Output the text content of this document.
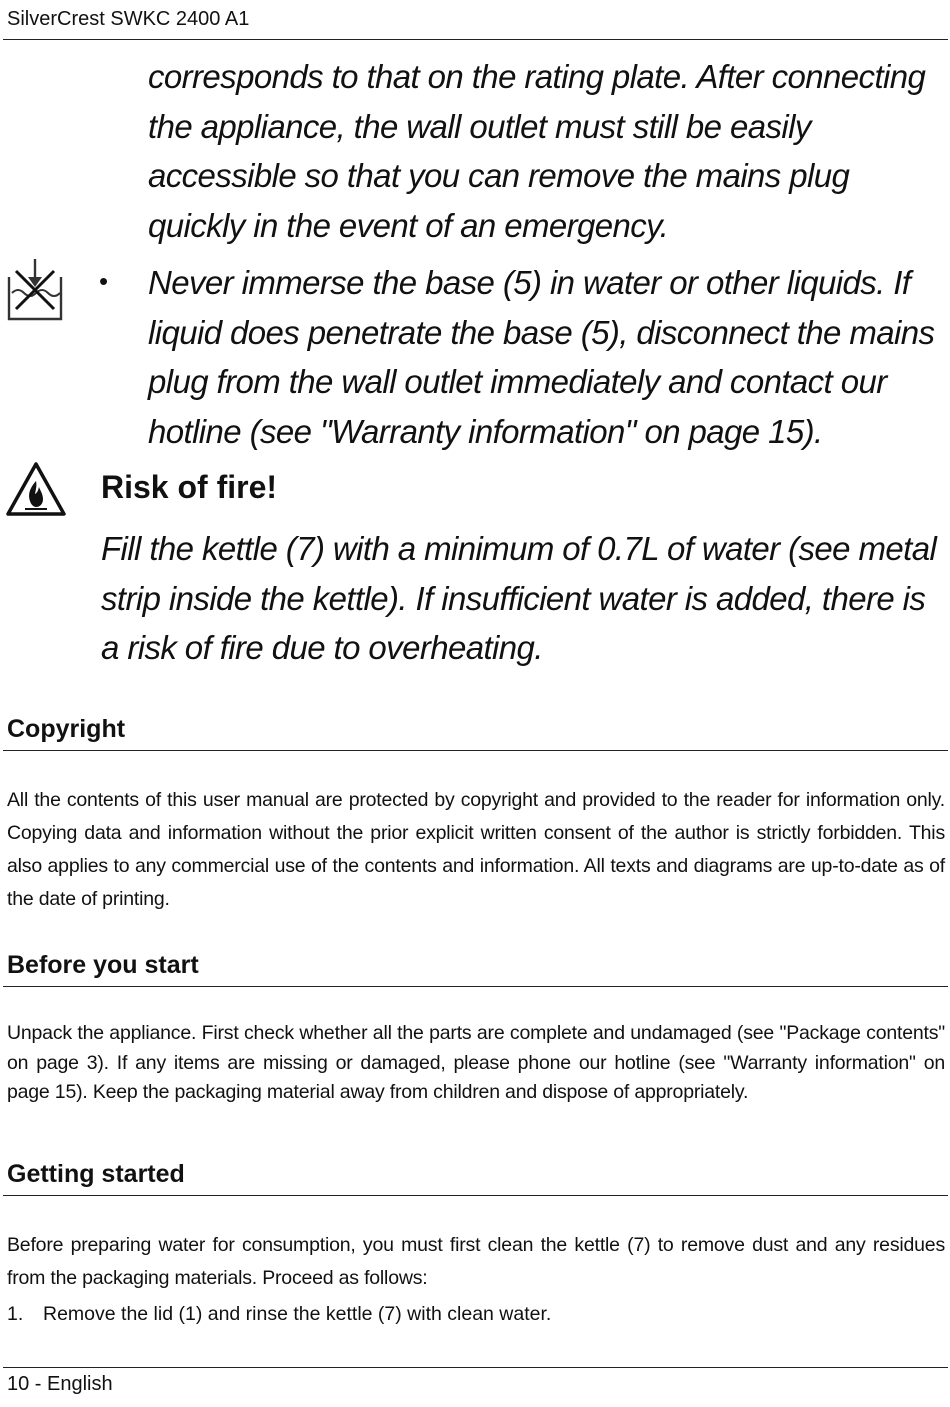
SilverCrest SWKC 2400 A1

corresponds to that on the rating plate. After connecting the appliance, the wall outlet must still be easily accessible so that you can remove the mains plug quickly in the event of an emergency.

• Never immerse the base (5) in water or other liquids. If liquid does penetrate the base (5), disconnect the mains plug from the wall outlet immediately and contact our hotline (see "Warranty information" on page 15).

Risk of fire!

Fill the kettle (7) with a minimum of 0.7L of water (see metal strip inside the kettle). If insufficient water is added, there is a risk of fire due to overheating.

Copyright

All the contents of this user manual are protected by copyright and provided to the reader for information only. Copying data and information without the prior explicit written consent of the author is strictly forbidden. This also applies to any commercial use of the contents and information. All texts and diagrams are up-to-date as of the date of printing.

Before you start

Unpack the appliance. First check whether all the parts are complete and undamaged (see "Package contents" on page 3). If any items are missing or damaged, please phone our hotline (see "Warranty information" on page 15). Keep the packaging material away from children and dispose of appropriately.

Getting started

Before preparing water for consumption, you must first clean the kettle (7) to remove dust and any residues from the packaging materials. Proceed as follows:

1. Remove the lid (1) and rinse the kettle (7) with clean water.

10 - English
